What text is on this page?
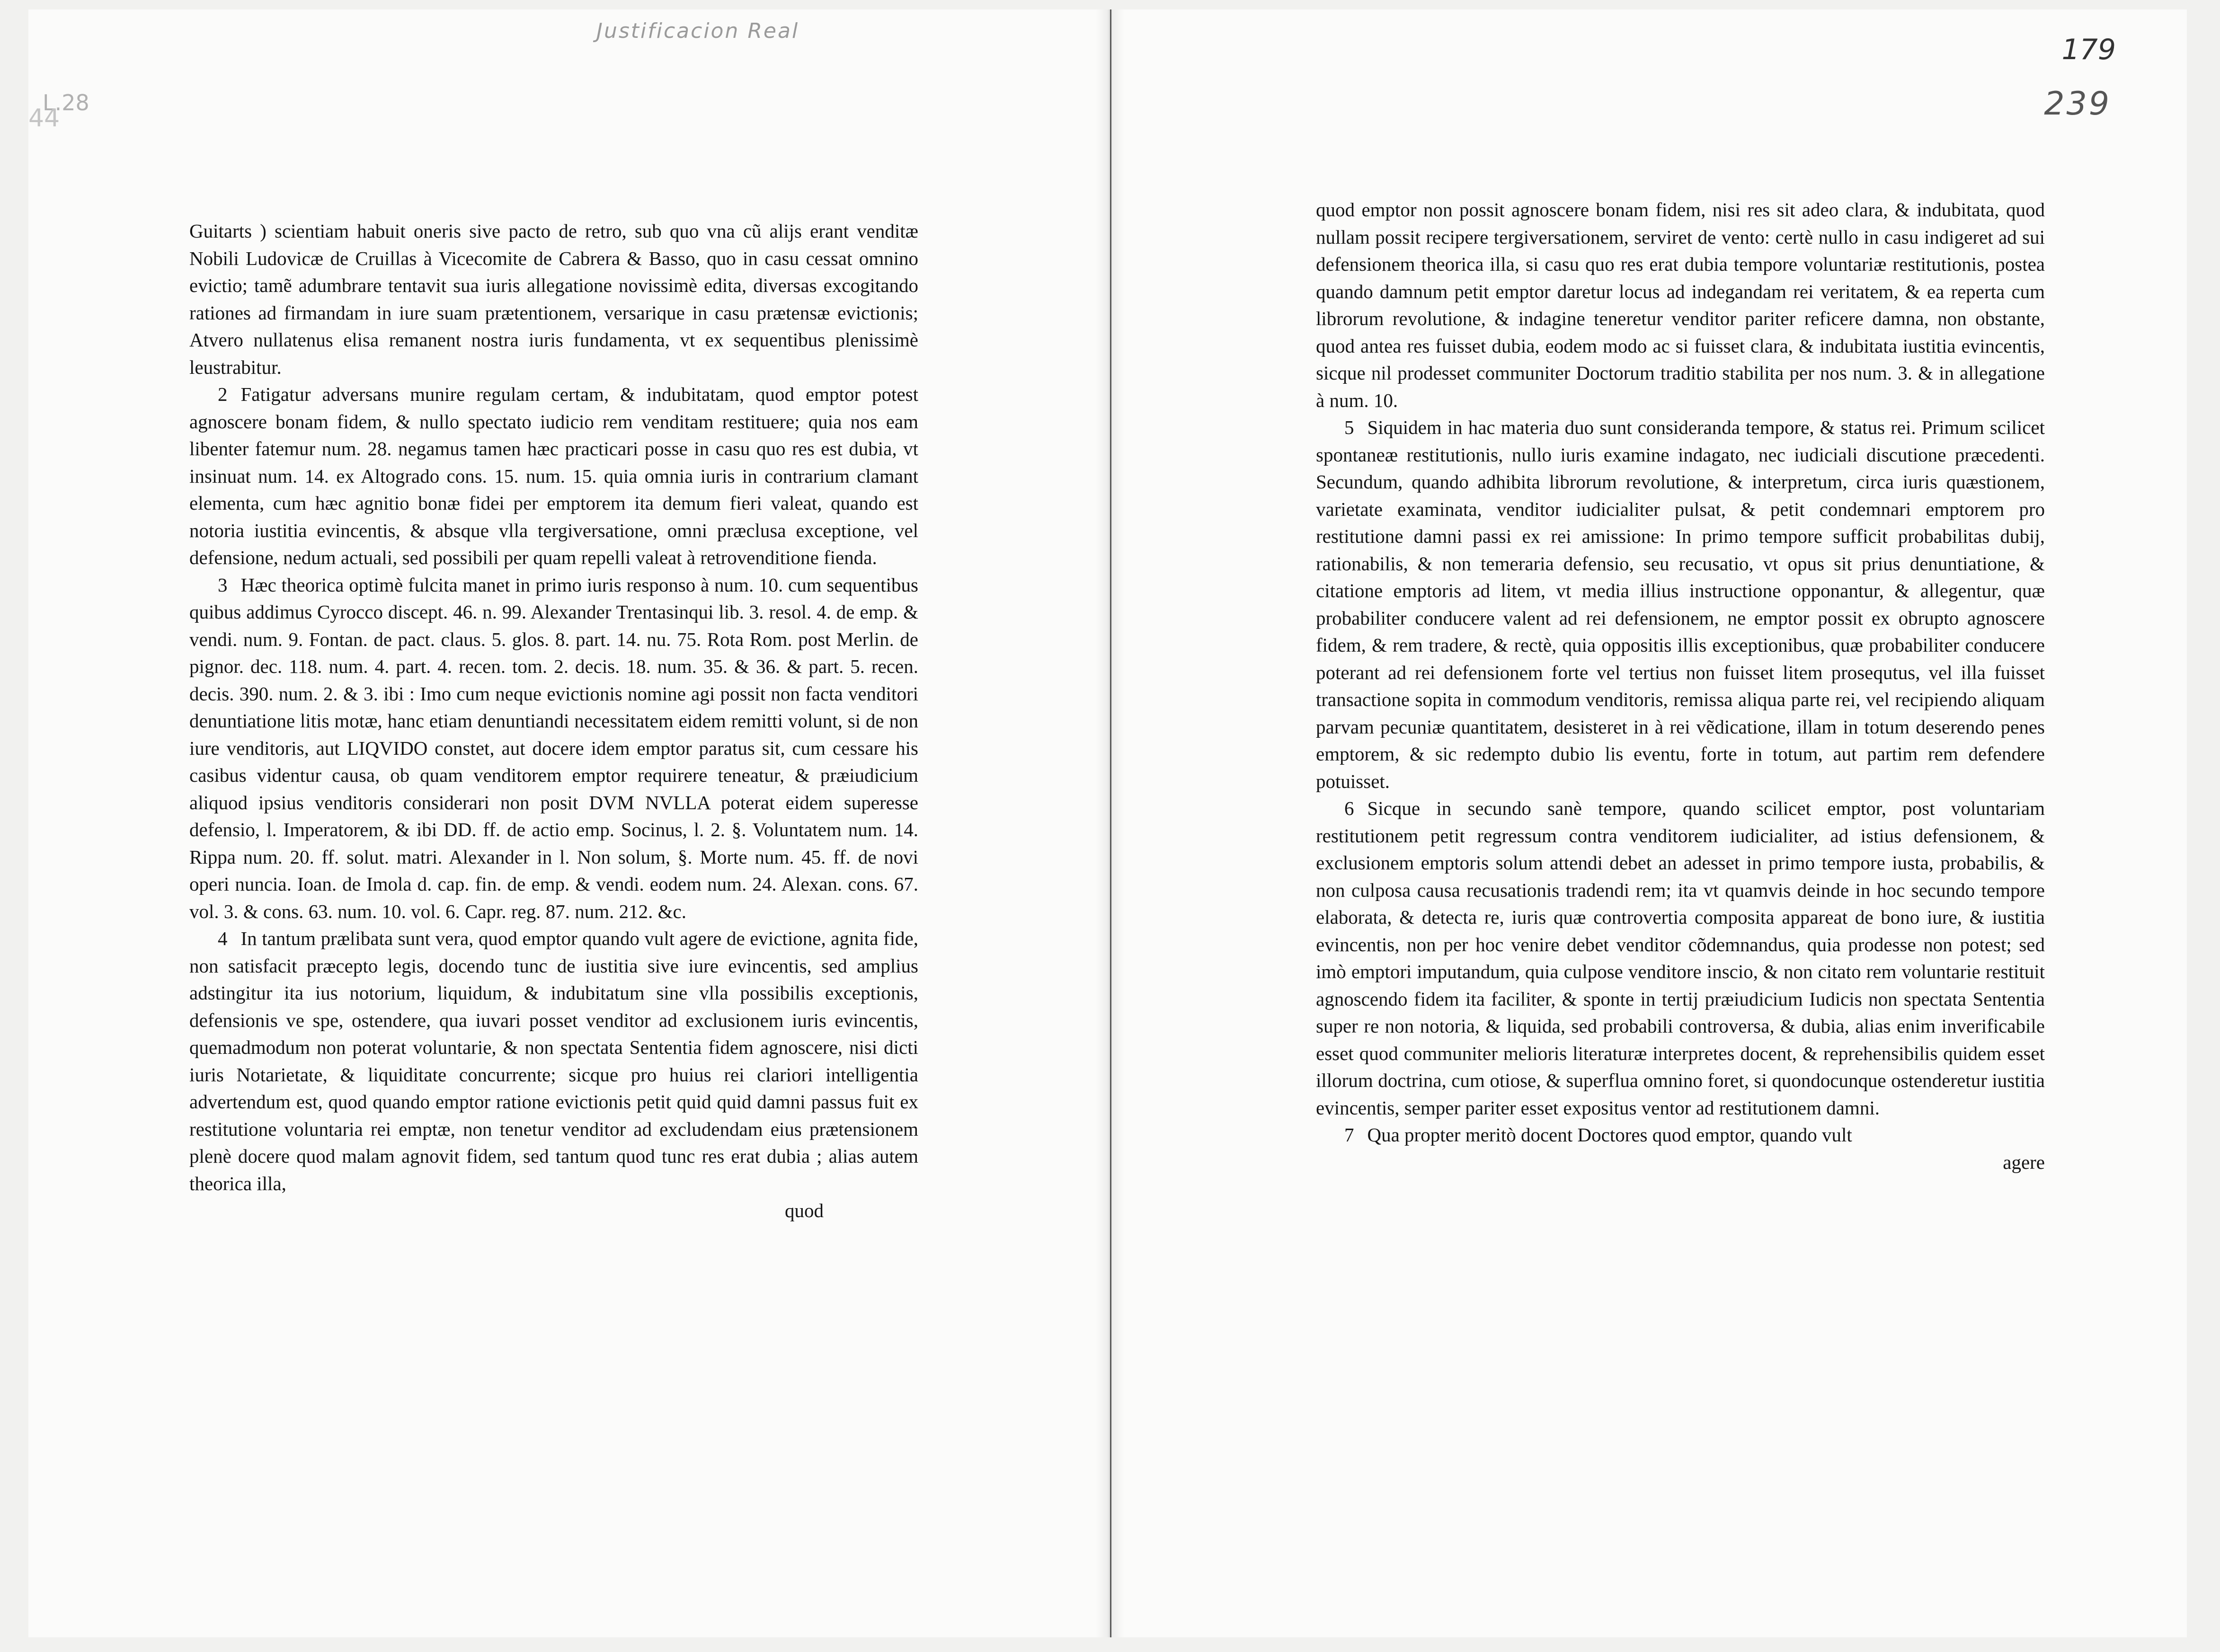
Justificacion Real
L.28
179
239
44

Guitarts ) scientiam habuit oneris sive pacto de retro, sub quo vna cũ alijs erant venditæ Nobili Ludovicæ de Cruillas à Vicecomite de Cabrera & Basso, quo in casu cessat omnino evictio; tamẽ adumbrare tentavit sua iuris allegatione novissimè edita, diversas excogitando rationes ad firmandam in iure suam prætentionem, versarique in casu prætensæ evictionis; Atvero nullatenus elisa remanent nostra iuris fundamenta, vt ex sequentibus plenissimè leustrabitur.

2 Fatigatur adversans munire regulam certam, & indubitatam, quod emptor potest agnoscere bonam fidem, & nullo spectato iudicio rem venditam restituere; quia nos eam libenter fatemur num. 28. negamus tamen hæc practicari posse in casu quo res est dubia, vt insinuat num. 14. ex Altogrado cons. 15. num. 15. quia omnia iuris in contrarium clamant elementa, cum hæc agnitio bonæ fidei per emptorem ita demum fieri valeat, quando est notoria iustitia evincentis, & absque vlla tergiversatione, omni præclusa exceptione, vel defensione, nedum actuali, sed possibili per quam repelli valeat à retrovenditione fienda.

3 Hæc theorica optimè fulcita manet in primo iuris responso à num. 10. cum sequentibus quibus addimus Cyrocco discept. 46. n. 99. Alexander Trentasinqui lib. 3. resol. 4. de emp. & vendi. num. 9. Fontan. de pact. claus. 5. glos. 8. part. 14. nu. 75. Rota Rom. post Merlin. de pignor. dec. 118. num. 4. part. 4. recen. tom. 2. decis. 18. num. 35. & 36. & part. 5. recen. decis. 390. num. 2. & 3. ibi : Imo cum neque evictionis nomine agi possit non facta venditori denuntiatione litis motæ, hanc etiam denuntiandi necessitatem eidem remitti volunt, si de non iure venditoris, aut LIQVIDO constet, aut docere idem emptor paratus sit, cum cessare his casibus videntur causa, ob quam venditorem emptor requirere teneatur, & præiudicium aliquod ipsius venditoris considerari non posit DVM NVLLA poterat eidem superesse defensio, l. Imperatorem, & ibi DD. ff. de actio emp. Socinus, l. 2. §. Voluntatem num. 14. Rippa num. 20. ff. solut. matri. Alexander in l. Non solum, §. Morte num. 45. ff. de novi operi nuncia. Ioan. de Imola d. cap. fin. de emp. & vendi. eodem num. 24. Alexan. cons. 67. vol. 3. & cons. 63. num. 10. vol. 6. Capr. reg. 87. num. 212. &c.

4 In tantum prælibata sunt vera, quod emptor quando vult agere de evictione, agnita fide, non satisfacit præcepto legis, docendo tunc de iustitia sive iure evincentis, sed amplius adstingitur ita ius notorium, liquidum, & indubitatum sine vlla possibilis exceptionis, defensionis ve spe, ostendere, qua iuvari posset venditor ad exclusionem iuris evincentis, quemadmodum non poterat voluntarie, & non spectata Sententia fidem agnoscere, nisi dicti iuris Notarietate, & liquiditate concurrente; sicque pro huius rei clariori intelligentia advertendum est, quod quando emptor ratione evictionis petit quid quid damni passus fuit ex restitutione voluntaria rei emptæ, non tenetur venditor ad excludendam eius prætensionem plenè docere quod malam agnovit fidem, sed tantum quod tunc res erat dubia ; alias autem theorica illa,

quod

quod emptor non possit agnoscere bonam fidem, nisi res sit adeo clara, & indubitata, quod nullam possit recipere tergiversationem, serviret de vento: certè nullo in casu indigeret ad sui defensionem theorica illa, si casu quo res erat dubia tempore voluntariæ restitutionis, postea quando damnum petit emptor daretur locus ad indegandam rei veritatem, & ea reperta cum librorum revolutione, & indagine teneretur venditor pariter reficere damna, non obstante, quod antea res fuisset dubia, eodem modo ac si fuisset clara, & indubitata iustitia evincentis, sicque nil prodesset communiter Doctorum traditio stabilita per nos num. 3. & in allegatione à num. 10.

5 Siquidem in hac materia duo sunt consideranda tempore, & status rei. Primum scilicet spontaneæ restitutionis, nullo iuris examine indagato, nec iudiciali discutione præcedenti. Secundum, quando adhibita librorum revolutione, & interpretum, circa iuris quæstionem, varietate examinata, venditor iudicialiter pulsat, & petit condemnari emptorem pro restitutione damni passi ex rei amissione: In primo tempore sufficit probabilitas dubij, rationabilis, & non temeraria defensio, seu recusatio, vt opus sit prius denuntiatione, & citatione emptoris ad litem, vt media illius instructione opponantur, & allegentur, quæ probabiliter conducere valent ad rei defensionem, ne emptor possit ex obrupto agnoscere fidem, & rem tradere, & rectè, quia oppositis illis exceptionibus, quæ probabiliter conducere poterant ad rei defensionem forte vel tertius non fuisset litem prosequtus, vel illa fuisset transactione sopita in commodum venditoris, remissa aliqua parte rei, vel recipiendo aliquam parvam pecuniæ quantitatem, desisteret in à rei vẽdicatione, illam in totum deserendo penes emptorem, & sic redempto dubio lis eventu, forte in totum, aut partim rem defendere potuisset.

6 Sicque in secundo sanè tempore, quando scilicet emptor, post voluntariam restitutionem petit regressum contra venditorem iudicialiter, ad istius defensionem, & exclusionem emptoris solum attendi debet an adesset in primo tempore iusta, probabilis, & non culposa causa recusationis tradendi rem; ita vt quamvis deinde in hoc secundo tempore elaborata, & detecta re, iuris quæ controvertia composita appareat de bono iure, & iustitia evincentis, non per hoc venire debet venditor cõdemnandus, quia prodesse non potest; sed imò emptori imputandum, quia culpose venditore inscio, & non citato rem voluntarie restituit agnoscendo fidem ita faciliter, & sponte in tertij præiudicium Iudicis non spectata Sententia super re non notoria, & liquida, sed probabili controversa, & dubia, alias enim inverificabile esset quod communiter melioris literaturæ interpretes docent, & reprehensibilis quidem esset illorum doctrina, cum otiose, & superflua omnino foret, si quondocunque ostenderetur iustitia evincentis, semper pariter esset expositus ventor ad restitutionem damni.

7 Qua propter meritò docent Doctores quod emptor, quando vult

agere
